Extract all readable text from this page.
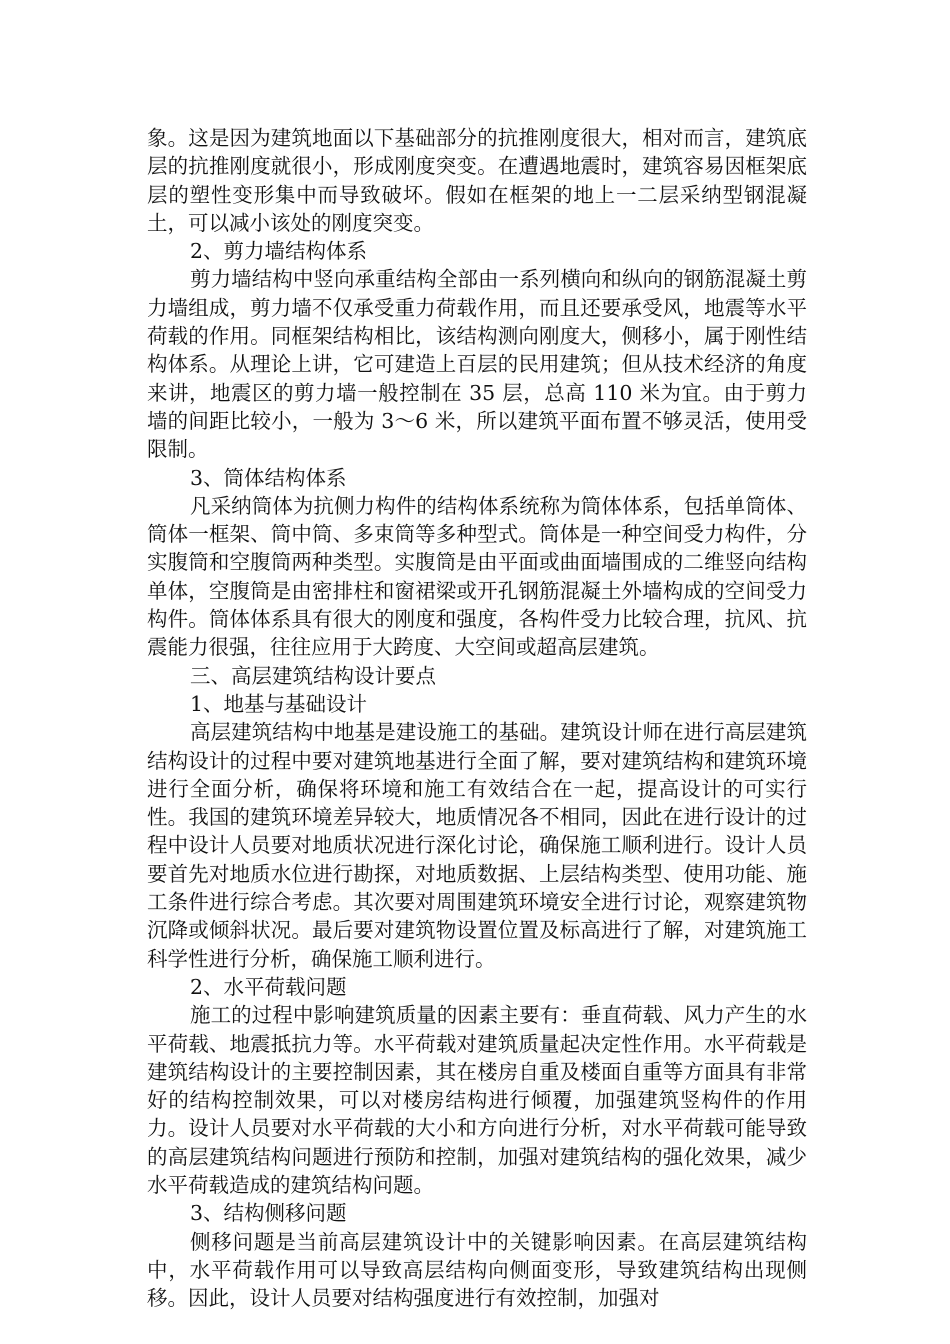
象。这是因为建筑地面以下基础部分的抗推刚度很大，相对而言，建筑底层的抗推刚度就很小，形成刚度突变。在遭遇地震时，建筑容易因框架底层的塑性变形集中而导致破坏。假如在框架的地上一二层采纳型钢混凝土，可以减小该处的刚度突变。

2、剪力墙结构体系

剪力墙结构中竖向承重结构全部由一系列横向和纵向的钢筋混凝土剪力墙组成，剪力墙不仅承受重力荷载作用，而且还要承受风，地震等水平荷载的作用。同框架结构相比，该结构测向刚度大，侧移小，属于刚性结构体系。从理论上讲，它可建造上百层的民用建筑；但从技术经济的角度来讲，地震区的剪力墙一般控制在 35 层，总高 110 米为宜。由于剪力墙的间距比较小，一般为 3～6 米，所以建筑平面布置不够灵活，使用受限制。

3、筒体结构体系

凡采纳筒体为抗侧力构件的结构体系统称为筒体体系，包括单筒体、筒体一框架、筒中筒、多束筒等多种型式。筒体是一种空间受力构件，分实腹筒和空腹筒两种类型。实腹筒是由平面或曲面墙围成的二维竖向结构单体，空腹筒是由密排柱和窗裙梁或开孔钢筋混凝土外墙构成的空间受力构件。筒体体系具有很大的刚度和强度，各构件受力比较合理，抗风、抗震能力很强，往往应用于大跨度、大空间或超高层建筑。

三、高层建筑结构设计要点

1、地基与基础设计

高层建筑结构中地基是建设施工的基础。建筑设计师在进行高层建筑结构设计的过程中要对建筑地基进行全面了解，要对建筑结构和建筑环境进行全面分析，确保将环境和施工有效结合在一起，提高设计的可实行性。我国的建筑环境差异较大，地质情况各不相同，因此在进行设计的过程中设计人员要对地质状况进行深化讨论，确保施工顺利进行。设计人员要首先对地质水位进行勘探，对地质数据、上层结构类型、使用功能、施工条件进行综合考虑。其次要对周围建筑环境安全进行讨论，观察建筑物沉降或倾斜状况。最后要对建筑物设置位置及标高进行了解，对建筑施工科学性进行分析，确保施工顺利进行。

2、水平荷载问题

施工的过程中影响建筑质量的因素主要有：垂直荷载、风力产生的水平荷载、地震抵抗力等。水平荷载对建筑质量起决定性作用。水平荷载是建筑结构设计的主要控制因素，其在楼房自重及楼面自重等方面具有非常好的结构控制效果，可以对楼房结构进行倾覆，加强建筑竖构件的作用力。设计人员要对水平荷载的大小和方向进行分析，对水平荷载可能导致的高层建筑结构问题进行预防和控制，加强对建筑结构的强化效果，减少水平荷载造成的建筑结构问题。

3、结构侧移问题

侧移问题是当前高层建筑设计中的关键影响因素。在高层建筑结构中，水平荷载作用可以导致高层结构向侧面变形，导致建筑结构出现侧移。因此，设计人员要对结构强度进行有效控制，加强对
